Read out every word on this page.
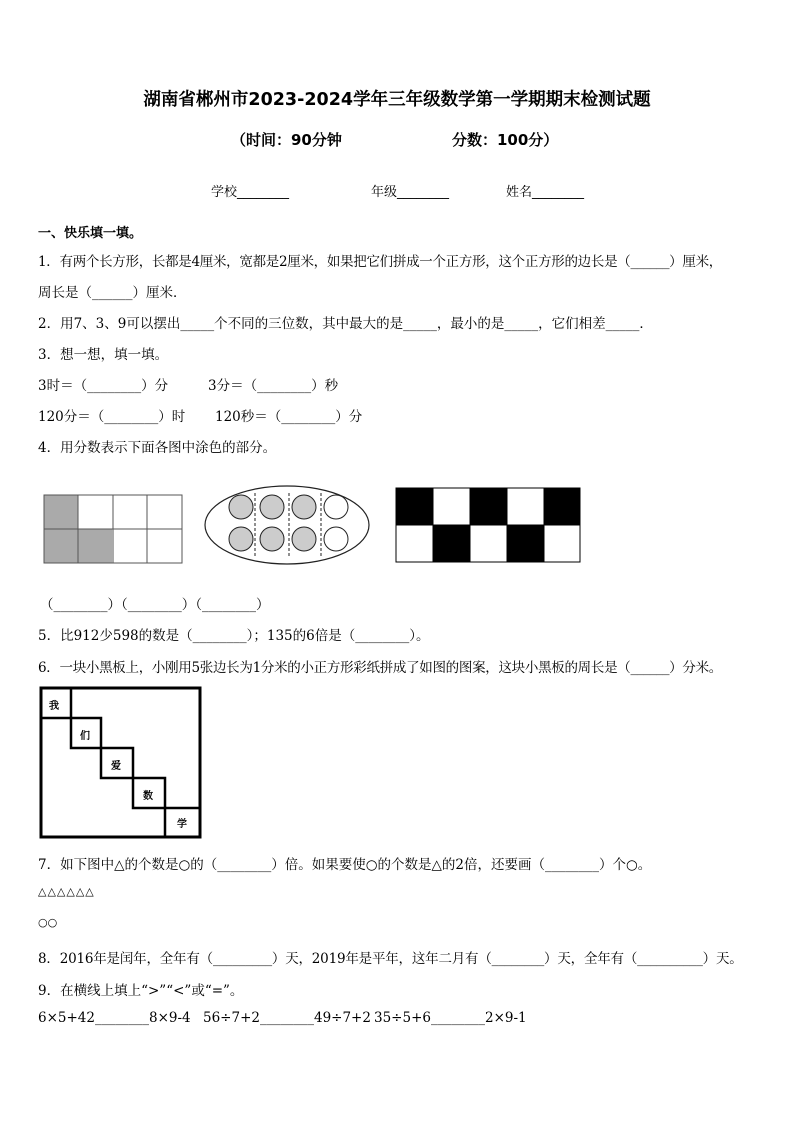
湖南省郴州市2023-2024学年三年级数学第一学期期末检测试题
（时间：90分钟	分数：100分）
学校________	年级________	姓名________
一、快乐填一填。
1．有两个长方形，长都是4厘米，宽都是2厘米，如果把它们拼成一个正方形，这个正方形的边长是（______）厘米，
周长是（______）厘米．
2．用7、3、9可以摆出_____个不同的三位数，其中最大的是_____，最小的是_____，它们相差_____．
3．想一想，填一填。
3时＝（________）分	3分＝（________）秒
120分＝（________）时 120秒＝（________）分
4．用分数表示下面各图中涂色的部分。
（________）（________）（________）
5．比912少598的数是（________）；135的6倍是（________）。
6．一块小黑板上，小刚用5张边长为1分米的小正方形彩纸拼成了如图的图案，这块小黑板的周长是（______）分米。
我
们
爱
数
学
7．如下图中△的个数是○的（________）倍。如果要使○的个数是△的2倍，还要画（________）个○。
△△△△△△
○○
8．2016年是闰年，全年有（_________）天，2019年是平年，这年二月有（________）天，全年有（__________）天。
9．在横线上填上“>”“<”或“=”。
6×5+42________8×9-4 56÷7+2________49÷7+2 35÷5+6________2×9-1
